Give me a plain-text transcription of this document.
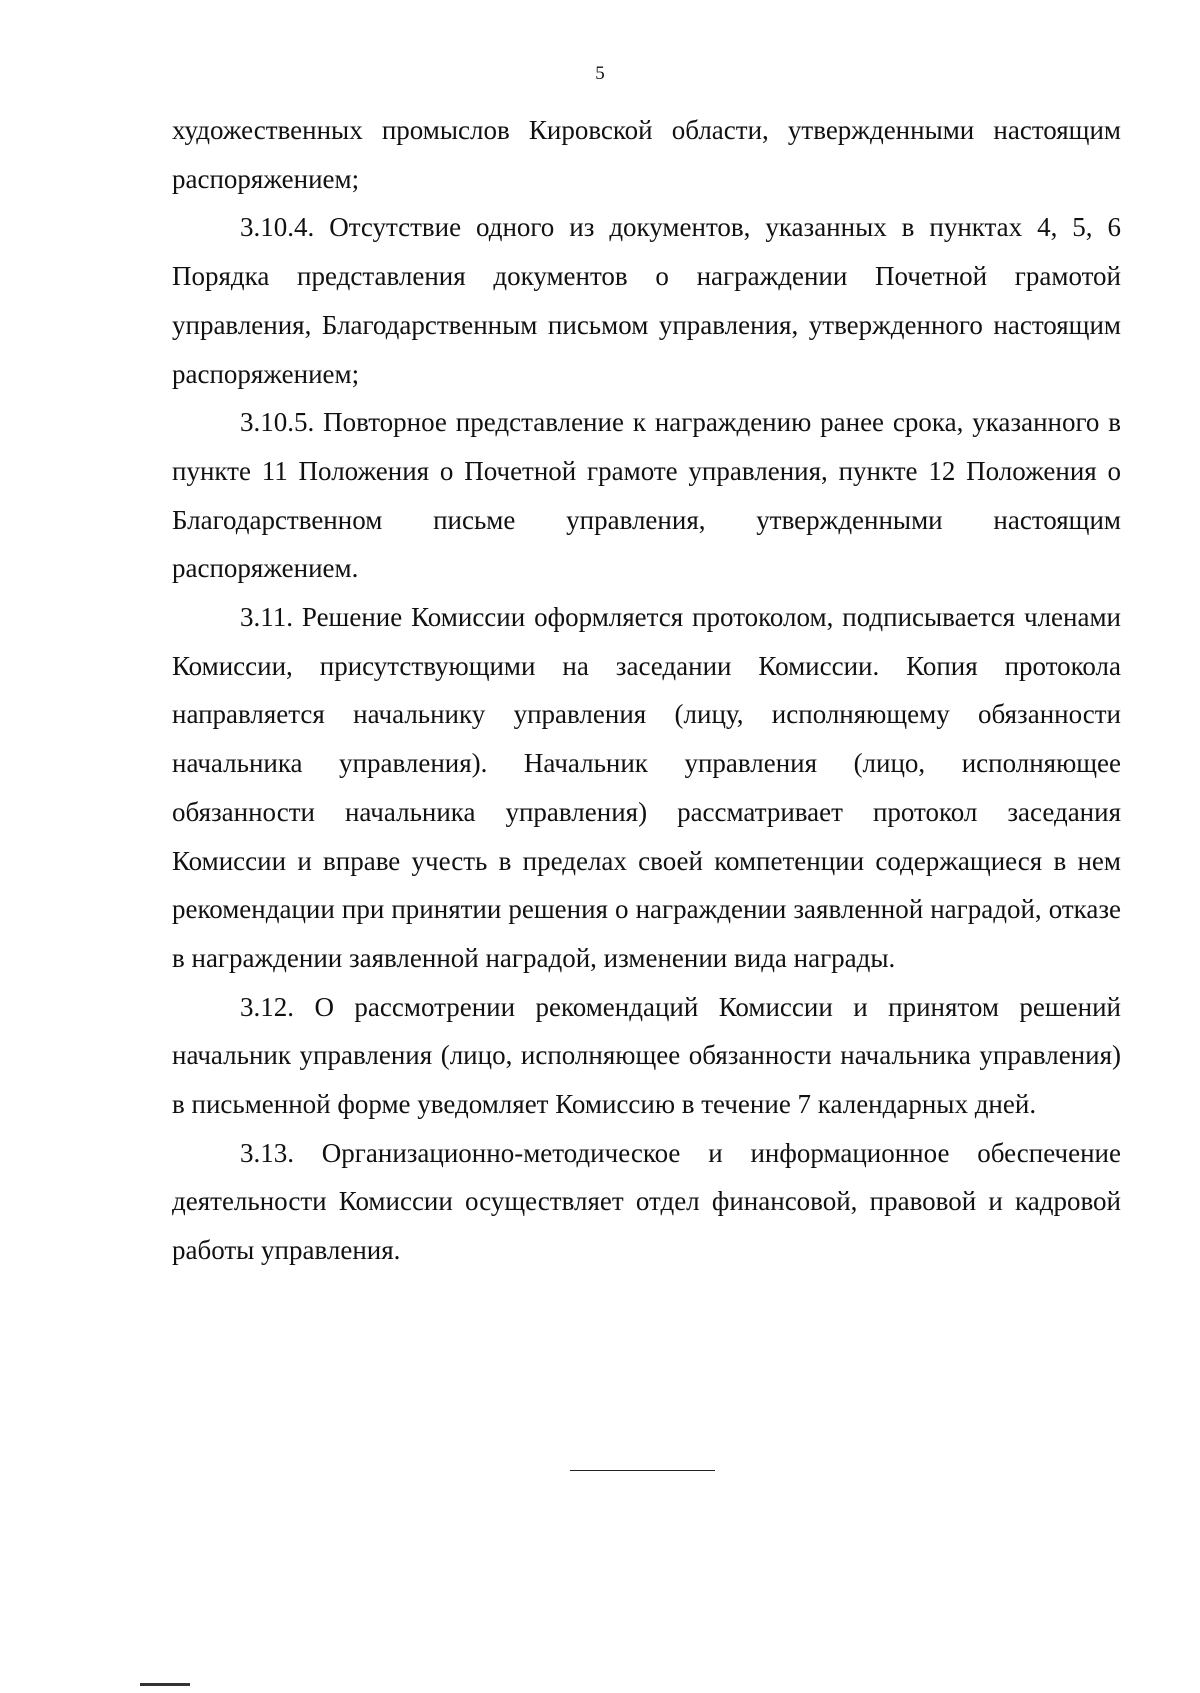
5

художественных промыслов Кировской области, утвержденными настоящим распоряжением;

3.10.4. Отсутствие одного из документов, указанных в пунктах 4, 5, 6 Порядка представления документов о награждении Почетной грамотой управления, Благодарственным письмом управления, утвержденного настоящим распоряжением;

3.10.5. Повторное представление к награждению ранее срока, указанного в пункте 11 Положения о Почетной грамоте управления, пункте 12 Положения о Благодарственном письме управления, утвержденными настоящим распоряжением.

3.11. Решение Комиссии оформляется протоколом, подписывается членами Комиссии, присутствующими на заседании Комиссии. Копия протокола направляется начальнику управления (лицу, исполняющему обязанности начальника управления). Начальник управления (лицо, исполняющее обязанности начальника управления) рассматривает протокол заседания Комиссии и вправе учесть в пределах своей компетенции содержащиеся в нем рекомендации при принятии решения о награждении заявленной наградой, отказе в награждении заявленной наградой, изменении вида награды.

3.12. О рассмотрении рекомендаций Комиссии и принятом решений начальник управления (лицо, исполняющее обязанности начальника управления) в письменной форме уведомляет Комиссию в течение 7 календарных дней.

3.13. Организационно-методическое и информационное обеспечение деятельности Комиссии осуществляет отдел финансовой, правовой и кадровой работы управления.
